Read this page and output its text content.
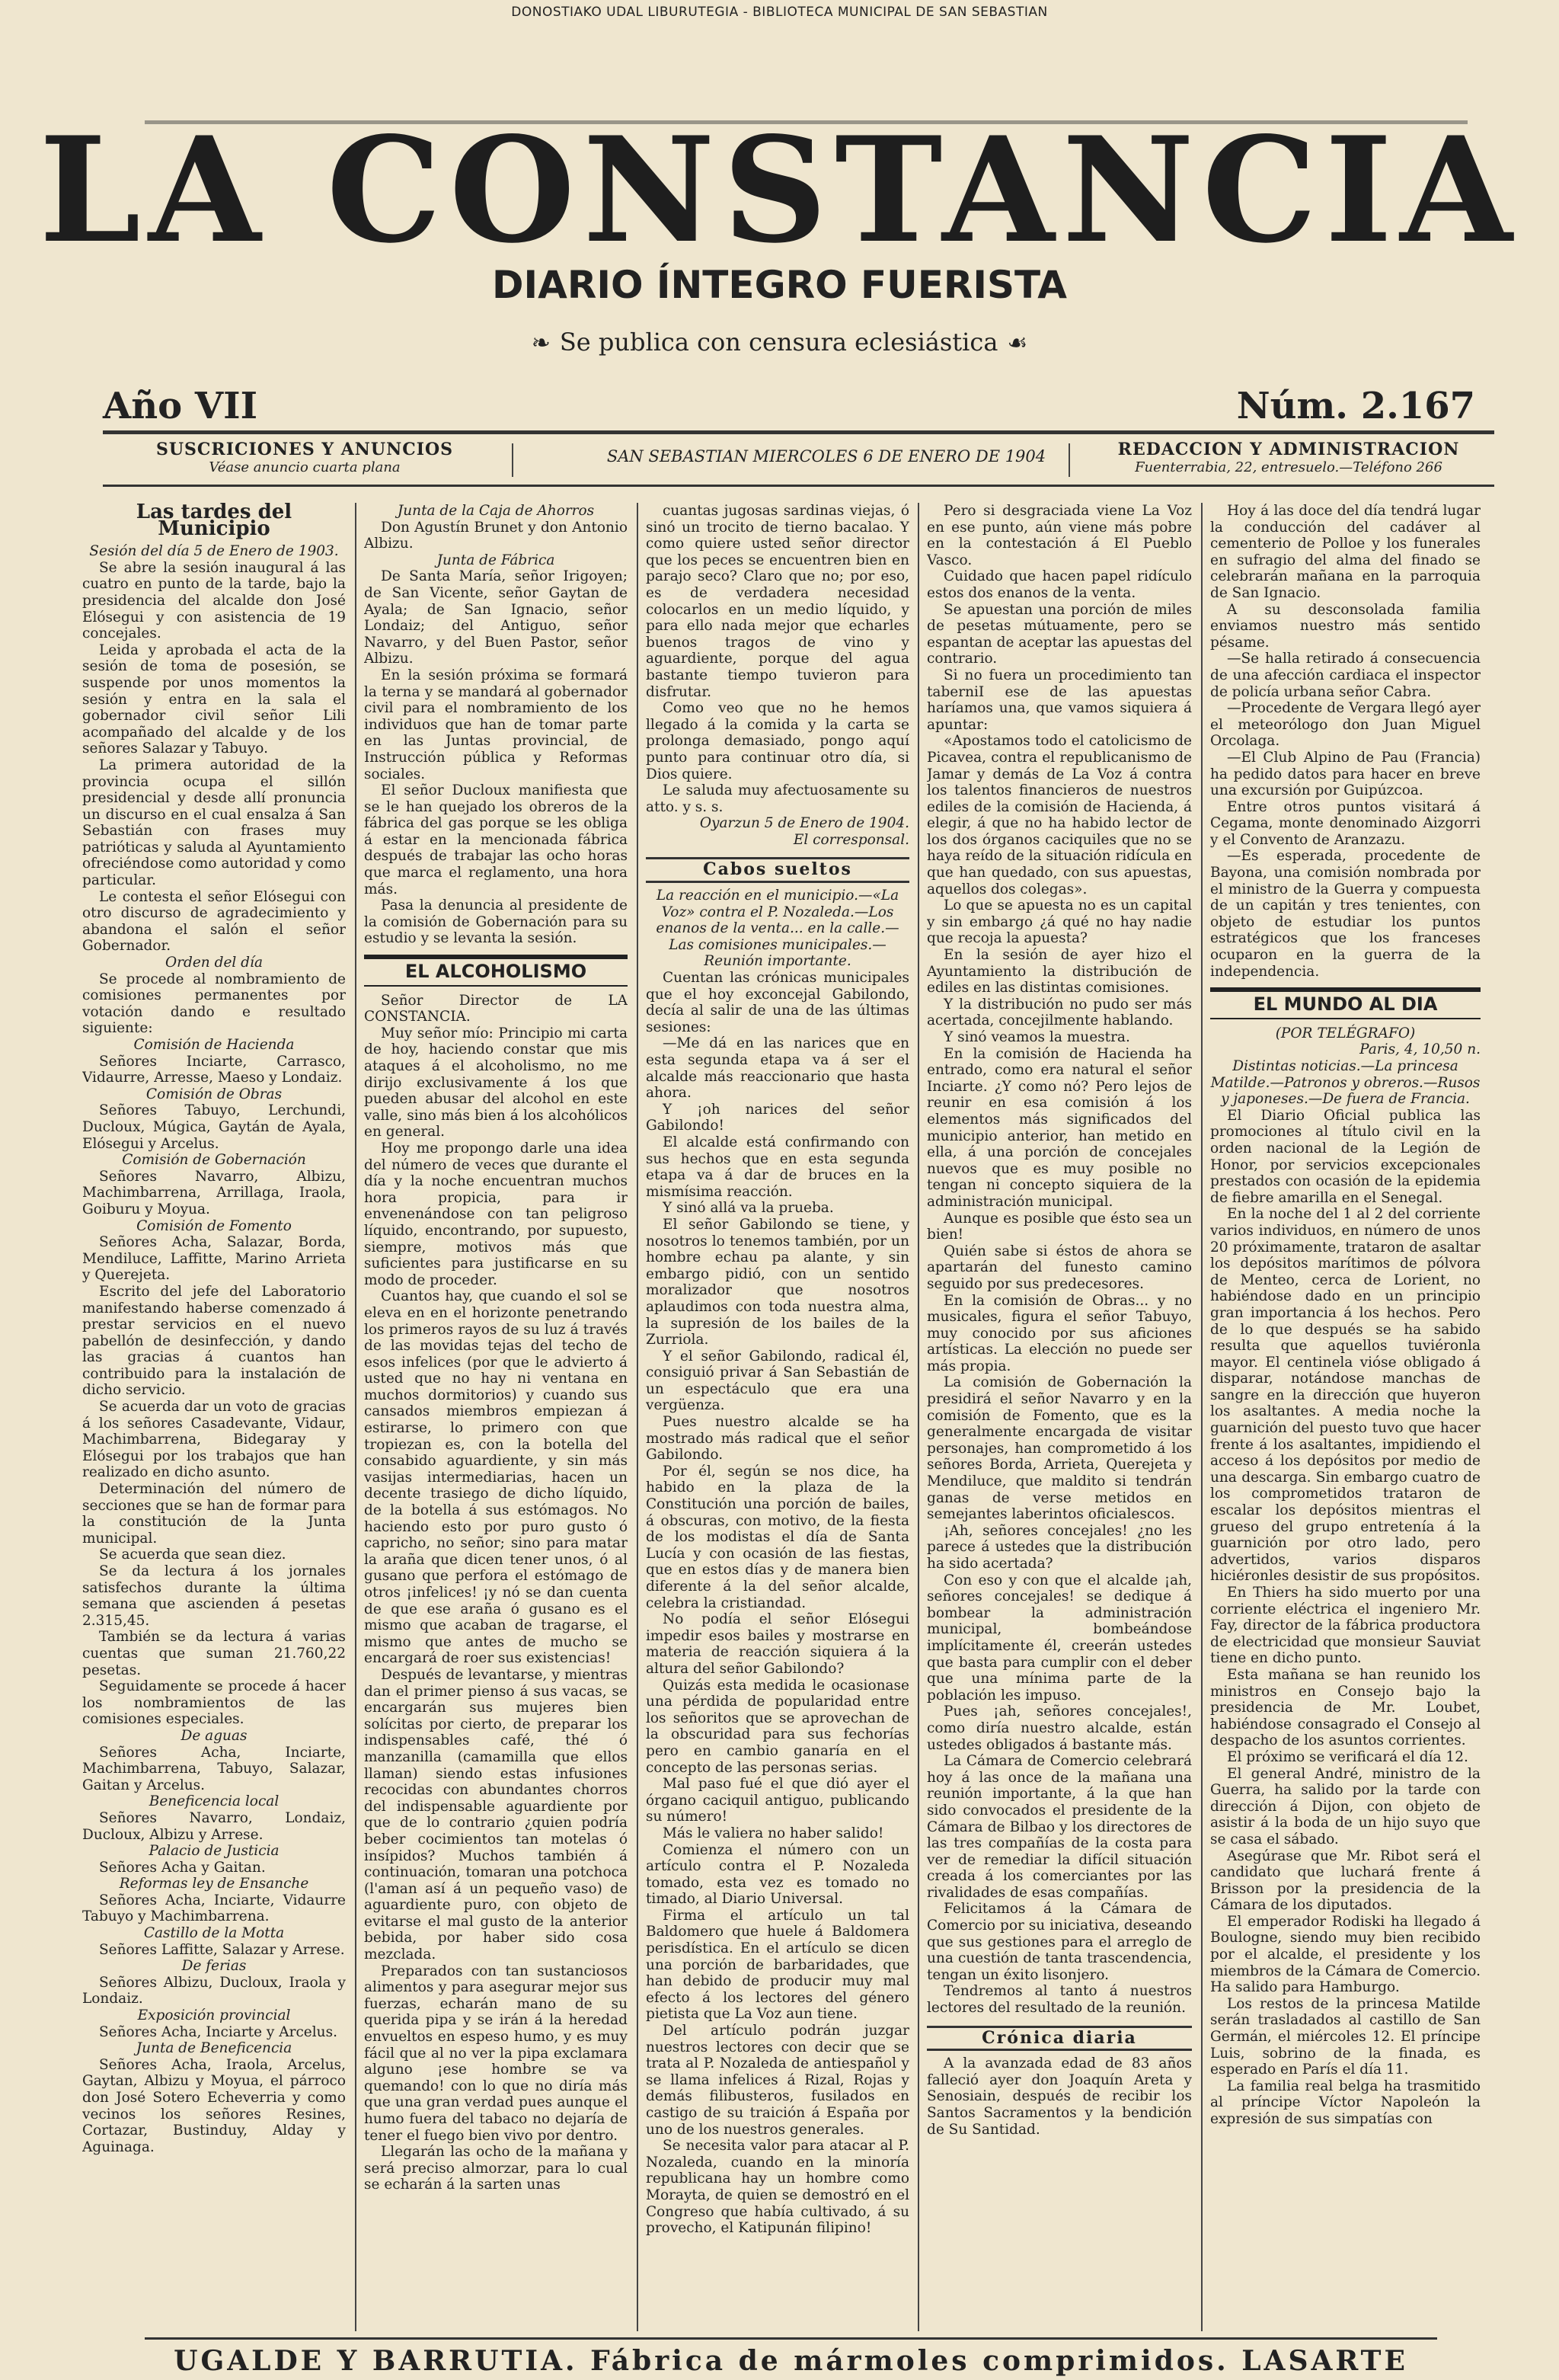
DONOSTIAKO UDAL LIBURUTEGIA - BIBLIOTECA MUNICIPAL DE SAN SEBASTIAN
LA CONSTANCIA
DIARIO ÍNTEGRO FUERISTA
❧ Se publica con censura eclesiástica ☙
Año VII	Núm. 2.167
SUSCRICIONES Y ANUNCIOS
Véase anuncio cuarta plana
SAN SEBASTIAN MIERCOLES 6 DE ENERO DE 1904	REDACCION Y ADMINISTRACION
Fuenterrabia, 22, entresuelo.—Teléfono 266
Las tardes del Municipio

Sesión del día 5 de Enero de 1903.

Se abre la sesión inaugural á las cuatro en punto de la tarde, bajo la presidencia del alcalde don José Elósegui y con asistencia de 19 concejales.

Leida y aprobada el acta de la sesión de toma de posesión, se suspende por unos momentos la sesión y entra en la sala el gobernador civil señor Lili acompañado del alcalde y de los señores Salazar y Tabuyo.

La primera autoridad de la provincia ocupa el sillón presidencial y desde allí pronuncia un discurso en el cual ensalza á San Sebastián con frases muy patrióticas y saluda al Ayuntamiento ofreciéndose como autoridad y como particular.

Le contesta el señor Elósegui con otro discurso de agradecimiento y abandona el salón el señor Gobernador.

Orden del día

Se procede al nombramiento de comisiones permanentes por votación dando e resultado siguiente:

Comisión de Hacienda

Señores Inciarte, Carrasco, Vidaurre, Arresse, Maeso y Londaiz.

Comisión de Obras

Señores Tabuyo, Lerchundi, Ducloux, Múgica, Gaytán de Ayala, Elósegui y Arcelus.

Comisión de Gobernación

Señores Navarro, Albizu, Machimbarrena, Arrillaga, Iraola, Goiburu y Moyua.

Comisión de Fomento

Señores Acha, Salazar, Borda, Mendiluce, Laffitte, Marino Arrieta y Querejeta.

Escrito del jefe del Laboratorio manifestando haberse comenzado á prestar servicios en el nuevo pabellón de desinfección, y dando las gracias á cuantos han contribuido para la instalación de dicho servicio.

Se acuerda dar un voto de gracias á los señores Casadevante, Vidaur, Machimbarrena, Bidegaray y Elósegui por los trabajos que han realizado en dicho asunto.

Determinación del número de secciones que se han de formar para la constitución de la Junta municipal.

Se acuerda que sean diez.

Se da lectura á los jornales satisfechos durante la última semana que ascienden á pesetas 2.315,45.

También se da lectura á varias cuentas que suman 21.760,22 pesetas.

Seguidamente se procede á hacer los nombramientos de las comisiones especiales.

De aguas

Señores Acha, Inciarte, Machimbarrena, Tabuyo, Salazar, Gaitan y Arcelus.

Beneficencia local

Señores Navarro, Londaiz, Ducloux, Albizu y Arrese.

Palacio de Justicia

Señores Acha y Gaitan.

Reformas ley de Ensanche

Señores Acha, Inciarte, Vidaurre Tabuyo y Machimbarrena.

Castillo de la Motta

Señores Laffitte, Salazar y Arrese.

De ferias

Señores Albizu, Ducloux, Iraola y Londaiz.

Exposición provincial

Señores Acha, Inciarte y Arcelus.

Junta de Beneficencia

Señores Acha, Iraola, Arcelus, Gaytan, Albizu y Moyua, el párroco don José Sotero Echeverria y como vecinos los señores Resines, Cortazar, Bustinduy, Alday y Aguinaga.

Junta de la Caja de Ahorros

Don Agustín Brunet y don Antonio Albizu.

Junta de Fábrica

De Santa María, señor Irigoyen; de San Vicente, señor Gaytan de Ayala; de San Ignacio, señor Londaiz; del Antiguo, señor Navarro, y del Buen Pastor, señor Albizu.

En la sesión próxima se formará la terna y se mandará al gobernador civil para el nombramiento de los individuos que han de tomar parte en las Juntas provincial, de Instrucción pública y Reformas sociales.

El señor Ducloux manifiesta que se le han quejado los obreros de la fábrica del gas porque se les obliga á estar en la mencionada fábrica después de trabajar las ocho horas que marca el reglamento, una hora más.

Pasa la denuncia al presidente de la comisión de Gobernación para su estudio y se levanta la sesión.

EL ALCOHOLISMO

Señor Director de LA CONSTANCIA.

Muy señor mío: Principio mi carta de hoy, haciendo constar que mis ataques á el alcoholismo, no me dirijo exclusivamente á los que pueden abusar del alcohol en este valle, sino más bien á los alcohólicos en general.

Hoy me propongo darle una idea del número de veces que durante el día y la noche encuentran muchos hora propicia, para ir envenenándose con tan peligroso líquido, encontrando, por supuesto, siempre, motivos más que suficientes para justificarse en su modo de proceder.

Cuantos hay, que cuando el sol se eleva en en el horizonte penetrando los primeros rayos de su luz á través de las movidas tejas del techo de esos infelices (por que le advierto á usted que no hay ni ventana en muchos dormitorios) y cuando sus cansados miembros empiezan á estirarse, lo primero con que tropiezan es, con la botella del consabido aguardiente, y sin más vasijas intermediarias, hacen un decente trasiego de dicho líquido, de la botella á sus estómagos. No haciendo esto por puro gusto ó capricho, no señor; sino para matar la araña que dicen tener unos, ó al gusano que perfora el estómago de otros ¡infelices! ¡y nó se dan cuenta de que ese araña ó gusano es el mismo que acaban de tragarse, el mismo que antes de mucho se encargará de roer sus existencias!

Después de levantarse, y mientras dan el primer pienso á sus vacas, se encargarán sus mujeres bien solícitas por cierto, de preparar los indispensables café, thé ó manzanilla (camamilla que ellos llaman) siendo estas infusiones recocidas con abundantes chorros del indispensable aguardiente por que de lo contrario ¿quien podría beber cocimientos tan motelas ó insípidos? Muchos también á continuación, tomaran una potchoca (l'aman así á un pequeño vaso) de aguardiente puro, con objeto de evitarse el mal gusto de la anterior bebida, por haber sido cosa mezclada.

Preparados con tan sustanciosos alimentos y para asegurar mejor sus fuerzas, echarán mano de su querida pipa y se irán á la heredad envueltos en espeso humo, y es muy fácil que al no ver la pipa exclamara alguno ¡ese hombre se va quemando! con lo que no diría más que una gran verdad pues aunque el humo fuera del tabaco no dejaría de tener el fuego bien vivo por dentro.

Llegarán las ocho de la mañana y será preciso almorzar, para lo cual se echarán á la sarten unas

cuantas jugosas sardinas viejas, ó sinó un trocito de tierno bacalao. Y como quiere usted señor director que los peces se encuentren bien en parajo seco? Claro que no; por eso, es de verdadera necesidad colocarlos en un medio líquido, y para ello nada mejor que echarles buenos tragos de vino y aguardiente, porque del agua bastante tiempo tuvieron para disfrutar.

Como veo que no he hemos llegado á la comida y la carta se prolonga demasiado, pongo aquí punto para continuar otro día, si Dios quiere.

Le saluda muy afectuosamente su atto. y s. s.

Oyarzun 5 de Enero de 1904.

El corresponsal.

Cabos sueltos

La reacción en el municipio.—«La Voz» contra el P. Nozaleda.—Los enanos de la venta... en la calle.—Las comisiones municipales.—Reunión importante.

Cuentan las crónicas municipales que el hoy exconcejal Gabilondo, decía al salir de una de las últimas sesiones:

—Me dá en las narices que en esta segunda etapa va á ser el alcalde más reaccionario que hasta ahora.

Y ¡oh narices del señor Gabilondo!

El alcalde está confirmando con sus hechos que en esta segunda etapa va á dar de bruces en la mismísima reacción.

Y sinó allá va la prueba.

El señor Gabilondo se tiene, y nosotros lo tenemos también, por un hombre echau pa alante, y sin embargo pidió, con un sentido moralizador que nosotros aplaudimos con toda nuestra alma, la supresión de los bailes de la Zurriola.

Y el señor Gabilondo, radical él, consiguió privar á San Sebastián de un espectáculo que era una vergüenza.

Pues nuestro alcalde se ha mostrado más radical que el señor Gabilondo.

Por él, según se nos dice, ha habido en la plaza de la Constitución una porción de bailes, á obscuras, con motivo, de la fiesta de los modistas el día de Santa Lucía y con ocasión de las fiestas, que en estos días y de manera bien diferente á la del señor alcalde, celebra la cristiandad.

No podía el señor Elósegui impedir esos bailes y mostrarse en materia de reacción siquiera á la altura del señor Gabilondo?

Quizás esta medida le ocasionase una pérdida de popularidad entre los señoritos que se aprovechan de la obscuridad para sus fechorías pero en cambio ganaría en el concepto de las personas serias.

Mal paso fué el que dió ayer el órgano caciquil antiguo, publicando su número!

Más le valiera no haber salido!

Comienza el número con un artículo contra el P. Nozaleda tomado, esta vez es tomado no timado, al Diario Universal.

Firma el artículo un tal Baldomero que huele á Baldomera perisdística. En el artículo se dicen una porción de barbaridades, que han debido de producir muy mal efecto á los lectores del género pietista que La Voz aun tiene.

Del artículo podrán juzgar nuestros lectores con decir que se trata al P. Nozaleda de antiespañol y se llama infelices á Rizal, Rojas y demás filibusteros, fusilados en castigo de su traición á España por uno de los nuestros generales.

Se necesita valor para atacar al P. Nozaleda, cuando en la minoría republicana hay un hombre como Morayta, de quien se demostró en el Congreso que había cultivado, á su provecho, el Katipunán filipino!

Pero si desgraciada viene La Voz en ese punto, aún viene más pobre en la contestación á El Pueblo Vasco.

Cuidado que hacen papel ridículo estos dos enanos de la venta.

Se apuestan una porción de miles de pesetas mútuamente, pero se espantan de aceptar las apuestas del contrario.

Si no fuera un procedimiento tan taberniI ese de las apuestas haríamos una, que vamos siquiera á apuntar:

«Apostamos todo el catolicismo de Picavea, contra el republicanismo de Jamar y demás de La Voz á contra los talentos financieros de nuestros ediles de la comisión de Hacienda, á elegir, á que no ha habido lector de los dos órganos caciquiles que no se haya reído de la situación ridícula en que han quedado, con sus apuestas, aquellos dos colegas».

Lo que se apuesta no es un capital y sin embargo ¿á qué no hay nadie que recoja la apuesta?

En la sesión de ayer hizo el Ayuntamiento la distribución de ediles en las distintas comisiones.

Y la distribución no pudo ser más acertada, concejilmente hablando.

Y sinó veamos la muestra.

En la comisión de Hacienda ha entrado, como era natural el señor Inciarte. ¿Y como nó? Pero lejos de reunir en esa comisión á los elementos más significados del municipio anterior, han metido en ella, á una porción de concejales nuevos que es muy posible no tengan ni concepto siquiera de la administración municipal.

Aunque es posible que ésto sea un bien!

Quién sabe si éstos de ahora se apartarán del funesto camino seguido por sus predecesores.

En la comisión de Obras... y no musicales, figura el señor Tabuyo, muy conocido por sus aficiones artísticas. La elección no puede ser más propia.

La comisión de Gobernación la presidirá el señor Navarro y en la comisión de Fomento, que es la generalmente encargada de visitar personajes, han comprometido á los señores Borda, Arrieta, Querejeta y Mendiluce, que maldito si tendrán ganas de verse metidos en semejantes laberintos oficialescos.

¡Ah, señores concejales! ¿no les parece á ustedes que la distribución ha sido acertada?

Con eso y con que el alcalde ¡ah, señores concejales! se dedique á bombear la administración municipal, bombeándose implícitamente él, creerán ustedes que basta para cumplir con el deber que una mínima parte de la población les impuso.

Pues ¡ah, señores concejales!, como diría nuestro alcalde, están ustedes obligados á bastante más.

La Cámara de Comercio celebrará hoy á las once de la mañana una reunión importante, á la que han sido convocados el presidente de la Cámara de Bilbao y los directores de las tres compañías de la costa para ver de remediar la difícil situación creada á los comerciantes por las rivalidades de esas compañías.

Felicitamos á la Cámara de Comercio por su iniciativa, deseando que sus gestiones para el arreglo de una cuestión de tanta trascendencia, tengan un éxito lisonjero.

Tendremos al tanto á nuestros lectores del resultado de la reunión.

Crónica diaria

A la avanzada edad de 83 años falleció ayer don Joaquín Areta y Senosiain, después de recibir los Santos Sacramentos y la bendición de Su Santidad.

Hoy á las doce del día tendrá lugar la conducción del cadáver al cementerio de Polloe y los funerales en sufragio del alma del finado se celebrarán mañana en la parroquia de San Ignacio.

A su desconsolada familia enviamos nuestro más sentido pésame.

—Se halla retirado á consecuencia de una afección cardiaca el inspector de policía urbana señor Cabra.

—Procedente de Vergara llegó ayer el meteorólogo don Juan Miguel Orcolaga.

—El Club Alpino de Pau (Francia) ha pedido datos para hacer en breve una excursión por Guipúzcoa.

Entre otros puntos visitará á Cegama, monte denominado Aizgorri y el Convento de Aranzazu.

—Es esperada, procedente de Bayona, una comisión nombrada por el ministro de la Guerra y compuesta de un capitán y tres tenientes, con objeto de estudiar los puntos estratégicos que los franceses ocuparon en la guerra de la independencia.

EL MUNDO AL DIA

(POR TELÉGRAFO)

Paris, 4, 10,50 n.

Distintas noticias.—La princesa Matilde.—Patronos y obreros.—Rusos y japoneses.—De fuera de Francia.

El Diario Oficial publica las promociones al título civil en la orden nacional de la Legión de Honor, por servicios excepcionales prestados con ocasión de la epidemia de fiebre amarilla en el Senegal.

En la noche del 1 al 2 del corriente varios individuos, en número de unos 20 próximamente, trataron de asaltar los depósitos marítimos de pólvora de Menteo, cerca de Lorient, no habiéndose dado en un principio gran importancia á los hechos. Pero de lo que después se ha sabido resulta que aquellos tuviéronla mayor. El centinela vióse obligado á disparar, notándose manchas de sangre en la dirección que huyeron los asaltantes. A media noche la guarnición del puesto tuvo que hacer frente á los asaltantes, impidiendo el acceso á los depósitos por medio de una descarga. Sin embargo cuatro de los comprometidos trataron de escalar los depósitos mientras el grueso del grupo entretenía á la guarnición por otro lado, pero advertidos, varios disparos hiciéronles desistir de sus propósitos.

En Thiers ha sido muerto por una corriente eléctrica el ingeniero Mr. Fay, director de la fábrica productora de electricidad que monsieur Sauviat tiene en dicho punto.

Esta mañana se han reunido los ministros en Consejo bajo la presidencia de Mr. Loubet, habiéndose consagrado el Consejo al despacho de los asuntos corrientes.

El próximo se verificará el día 12.

El general André, ministro de la Guerra, ha salido por la tarde con dirección á Dijon, con objeto de asistir á la boda de un hijo suyo que se casa el sábado.

Asegúrase que Mr. Ribot será el candidato que luchará frente á Brisson por la presidencia de la Cámara de los diputados.

El emperador Rodiski ha llegado á Boulogne, siendo muy bien recibido por el alcalde, el presidente y los miembros de la Cámara de Comercio. Ha salido para Hamburgo.

Los restos de la princesa Matilde serán trasladados al castillo de San Germán, el miércoles 12. El príncipe Luis, sobrino de la finada, es esperado en París el día 11.

La familia real belga ha trasmitido al príncipe Víctor Napoleón la expresión de sus simpatías con

UGALDE Y BARRUTIA. Fábrica de mármoles comprimidos. LASARTE
